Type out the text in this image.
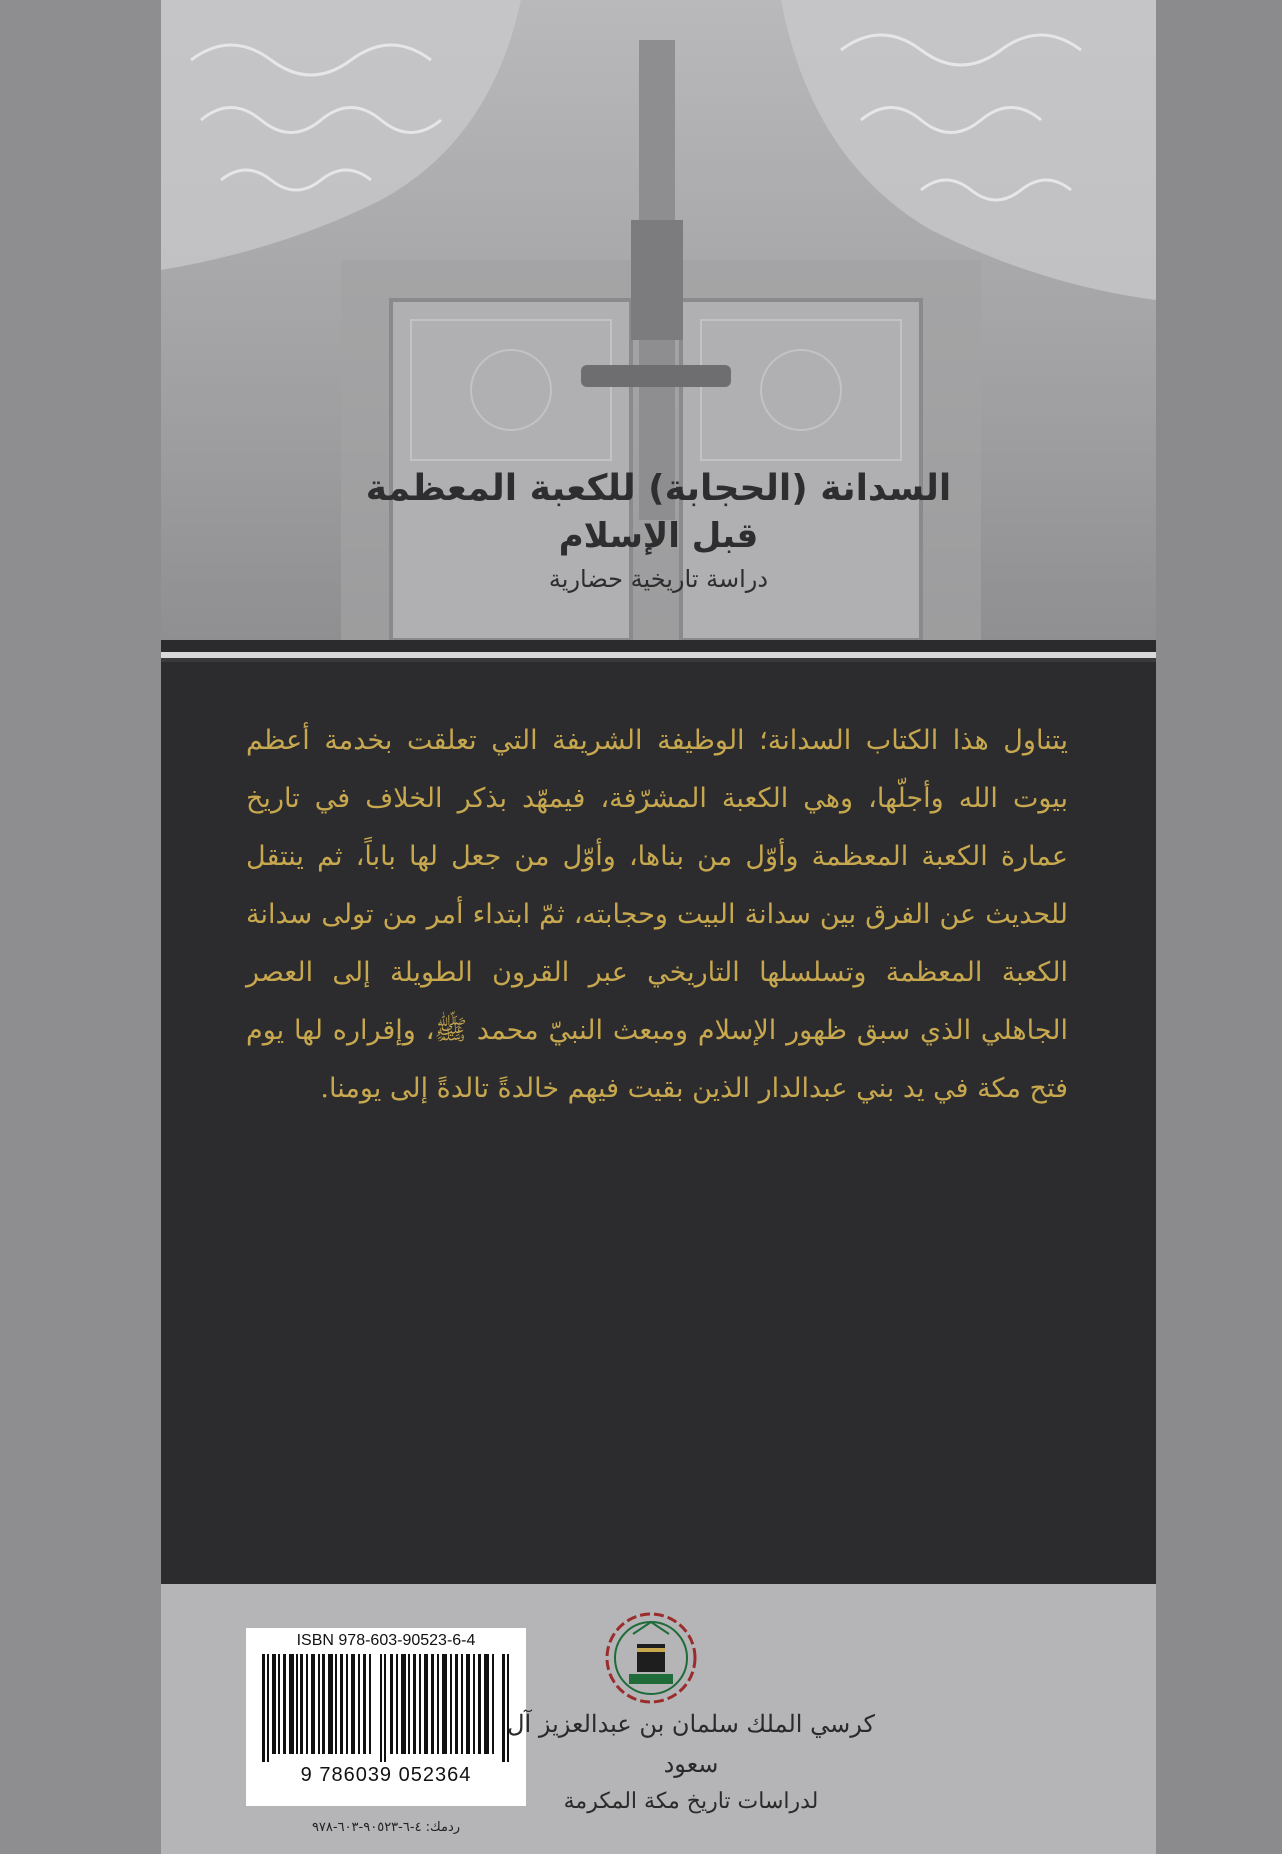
السدانة (الحجابة) للكعبة المعظمة
قبل الإسلام
دراسة تاريخية حضارية
يتناول هذا الكتاب السدانة؛ الوظيفة الشريفة التي تعلقت بخدمة أعظم بيوت الله وأجلّها، وهي الكعبة المشرّفة، فيمهّد بذكر الخلاف في تاريخ عمارة الكعبة المعظمة وأوّل من بناها، وأوّل من جعل لها باباً، ثم ينتقل للحديث عن الفرق بين سدانة البيت وحجابته، ثمّ ابتداء أمر من تولى سدانة الكعبة المعظمة وتسلسلها التاريخي عبر القرون الطويلة إلى العصر الجاهلي الذي سبق ظهور الإسلام ومبعث النبيّ محمد ﷺ، وإقراره لها يوم فتح مكة في يد بني عبدالدار الذين بقيت فيهم خالدةً تالدةً إلى يومنا.
ISBN 978-603-90523-6-4
9 786039 052364
ردمك: ٤-٦-٩٠٥٢٣-٦٠٣-٩٧٨
كرسي الملك سلمان بن عبدالعزيز آل سعود
لدراسات تاريخ مكة المكرمة
